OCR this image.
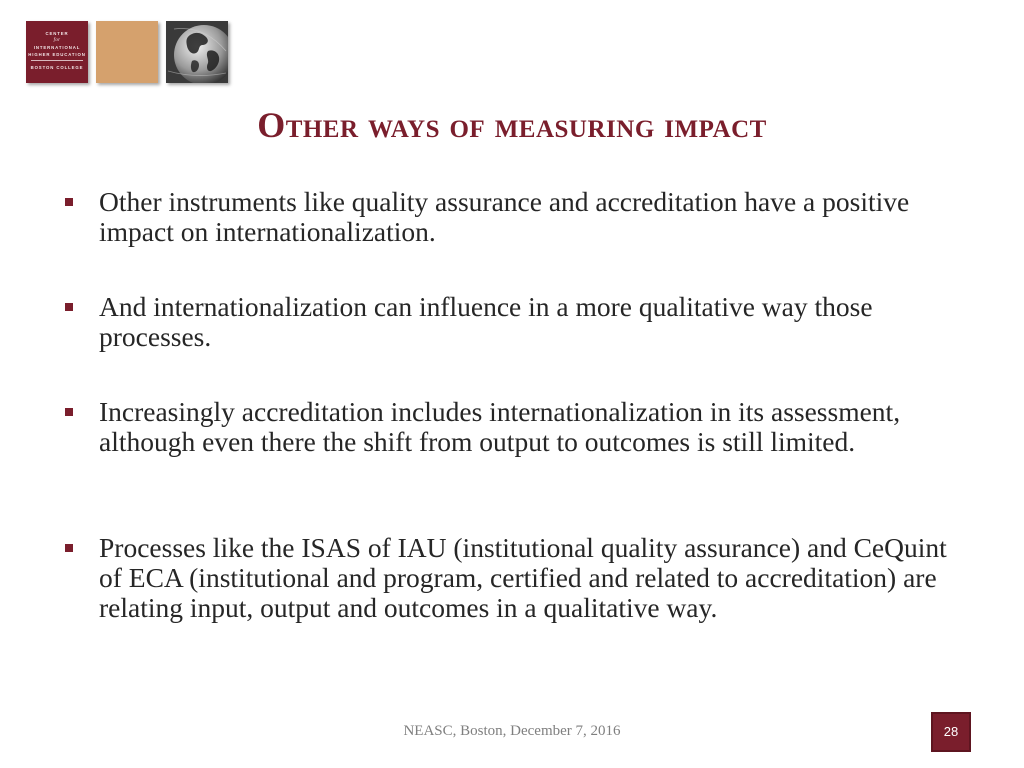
CENTER
for
INTERNATIONAL
HIGHER EDUCATION
BOSTON COLLEGE
Other ways of measuring impact
Other instruments like quality assurance and accreditation have a positive impact on internationalization.
And internationalization can influence in a more qualitative way those processes.
Increasingly accreditation includes internationalization in its assessment, although even there the shift from output to outcomes is still limited.
Processes like the ISAS of IAU (institutional quality assurance) and CeQuint of ECA (institutional and program, certified and related to accreditation) are relating input, output and outcomes in a qualitative way.
NEASC, Boston, December 7, 2016	28
